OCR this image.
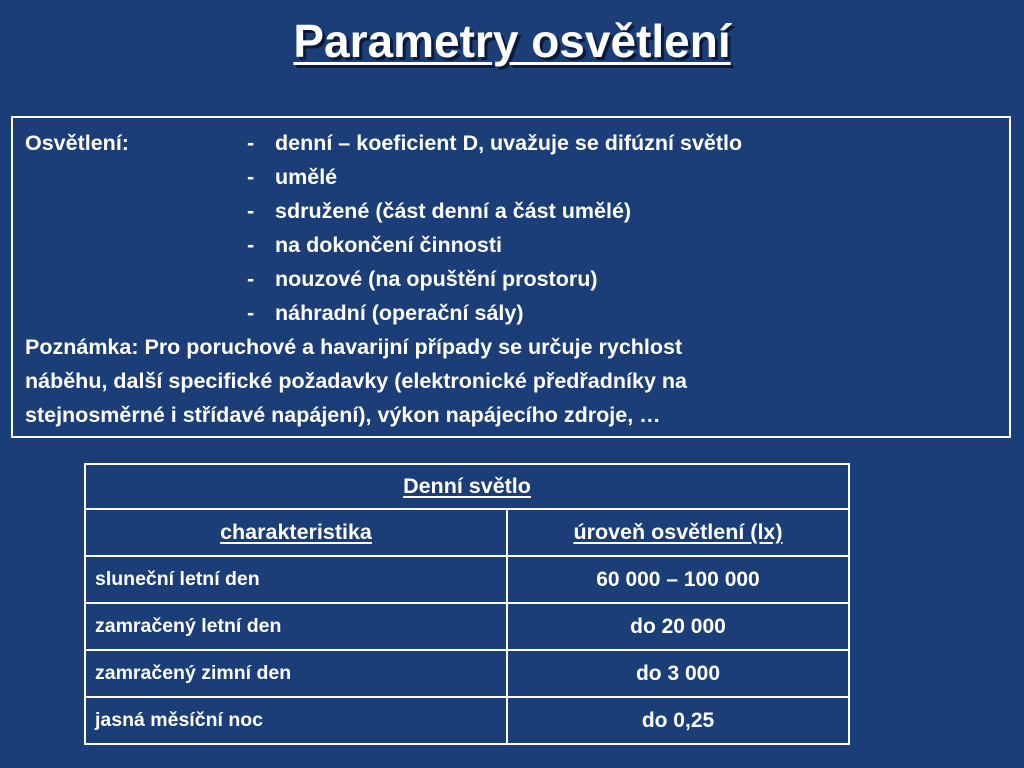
Parametry osvětlení
Osvětlení:	- denní – koeficient D, uvažuje se difúzní světlo
- umělé
- sdružené (část denní a část umělé)
- na dokončení činnosti
- nouzové (na opuštění prostoru)
- náhradní (operační sály)
Poznámka: Pro poruchové a havarijní případy se určuje rychlost
náběhu, další specifické požadavky (elektronické předřadníky na
stejnosměrné i střídavé napájení), výkon napájecího zdroje, …
Denní světlo	
charakteristika	úroveň osvětlení (lx)
sluneční letní den	60 000 – 100 000
zamračený letní den	do 20 000
zamračený zimní den	do 3 000
jasná měsíční noc	do 0,25
